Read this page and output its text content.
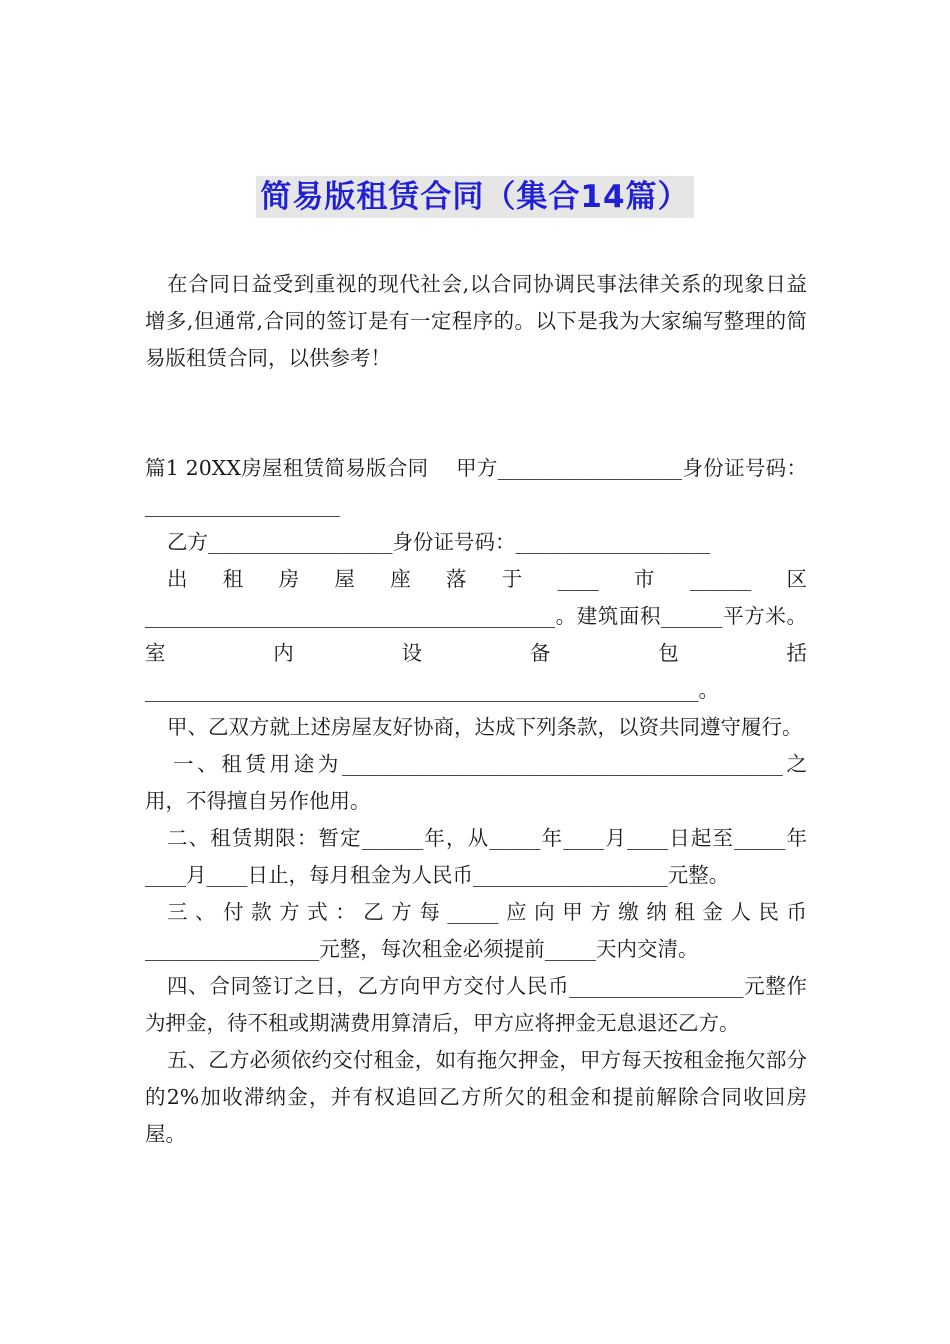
简易版租赁合同（集合14篇）

在合同日益受到重视的现代社会,以合同协调民事法律关系的现象日益增多,但通常,合同的签订是有一定程序的。以下是我为大家编写整理的简易版租赁合同，以供参考！

篇1 20XX房屋租赁简易版合同　 甲方__________________身份证号码：___________________

乙方__________________身份证号码：___________________

出租房屋座落于____市______区________________________________________。建筑面积______平方米。室内设备包括______________________________________________________。

甲、乙双方就上述房屋友好协商，达成下列条款，以资共同遵守履行。

一、租赁用途为___________________________________________之用，不得擅自另作他用。

二、租赁期限：暂定______年，从_____年____月____日起至_____年____月____日止，每月租金为人民币___________________元整。

三、付款方式：乙方每_____应向甲方缴纳租金人民币_________________元整，每次租金必须提前_____天内交清。

四、合同签订之日，乙方向甲方交付人民币_________________元整作为押金，待不租或期满费用算清后，甲方应将押金无息退还乙方。

五、乙方必须依约交付租金，如有拖欠押金，甲方每天按租金拖欠部分的2%加收滞纳金，并有权追回乙方所欠的租金和提前解除合同收回房屋。
